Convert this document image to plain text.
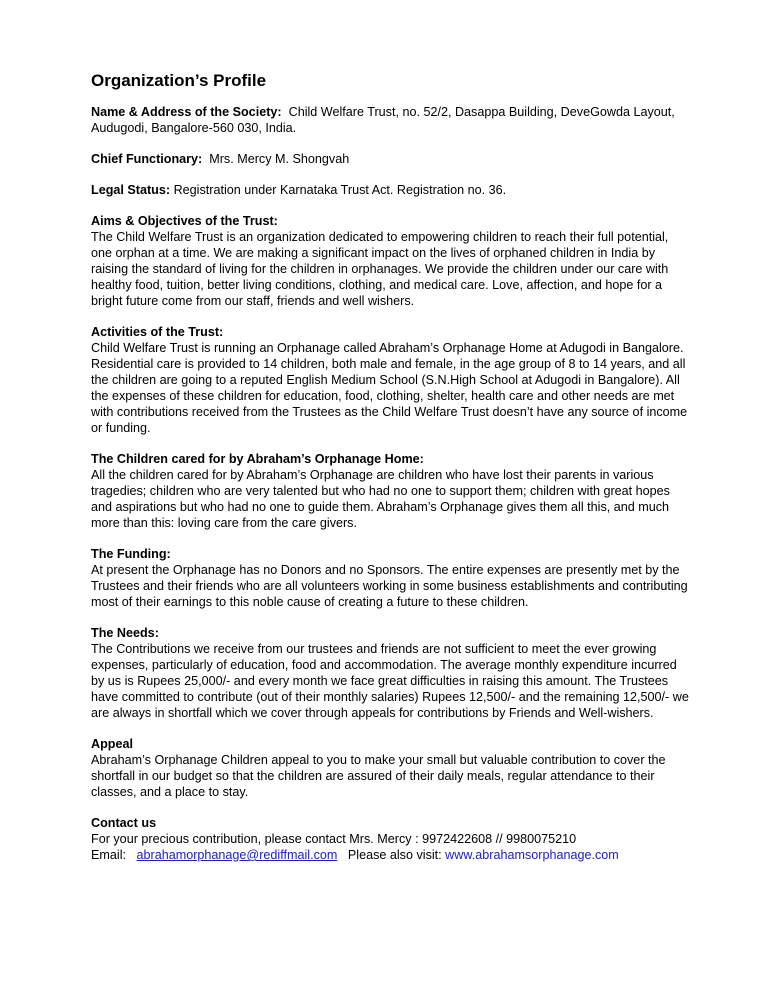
Organization’s Profile

Name & Address of the Society: Child Welfare Trust, no. 52/2, Dasappa Building, DeveGowda Layout, Audugodi, Bangalore-560 030, India.

Chief Functionary: Mrs. Mercy M. Shongvah

Legal Status: Registration under Karnataka Trust Act. Registration no. 36.

Aims & Objectives of the Trust:
The Child Welfare Trust is an organization dedicated to empowering children to reach their full potential, one orphan at a time. We are making a significant impact on the lives of orphaned children in India by raising the standard of living for the children in orphanages. We provide the children under our care with healthy food, tuition, better living conditions, clothing, and medical care. Love, affection, and hope for a bright future come from our staff, friends and well wishers.
Activities of the Trust:
Child Welfare Trust is running an Orphanage called Abraham’s Orphanage Home at Adugodi in Bangalore. Residential care is provided to 14 children, both male and female, in the age group of 8 to 14 years, and all the children are going to a reputed English Medium School (S.N.High School at Adugodi in Bangalore). All the expenses of these children for education, food, clothing, shelter, health care and other needs are met with contributions received from the Trustees as the Child Welfare Trust doesn’t have any source of income or funding.
The Children cared for by Abraham’s Orphanage Home:
All the children cared for by Abraham’s Orphanage are children who have lost their parents in various tragedies; children who are very talented but who had no one to support them; children with great hopes and aspirations but who had no one to guide them. Abraham’s Orphanage gives them all this, and much more than this: loving care from the care givers.
The Funding:
At present the Orphanage has no Donors and no Sponsors. The entire expenses are presently met by the Trustees and their friends who are all volunteers working in some business establishments and contributing most of their earnings to this noble cause of creating a future to these children.
The Needs:
The Contributions we receive from our trustees and friends are not sufficient to meet the ever growing expenses, particularly of education, food and accommodation. The average monthly expenditure incurred by us is Rupees 25,000/- and every month we face great difficulties in raising this amount. The Trustees have committed to contribute (out of their monthly salaries) Rupees 12,500/- and the remaining 12,500/- we are always in shortfall which we cover through appeals for contributions by Friends and Well-wishers.
Appeal
Abraham’s Orphanage Children appeal to you to make your small but valuable contribution to cover the shortfall in our budget so that the children are assured of their daily meals, regular attendance to their classes, and a place to stay.
Contact us
For your precious contribution, please contact Mrs. Mercy : 9972422608 // 9980075210
Email: abrahamorphanage@rediffmail.com Please also visit: www.abrahamsorphanage.com
